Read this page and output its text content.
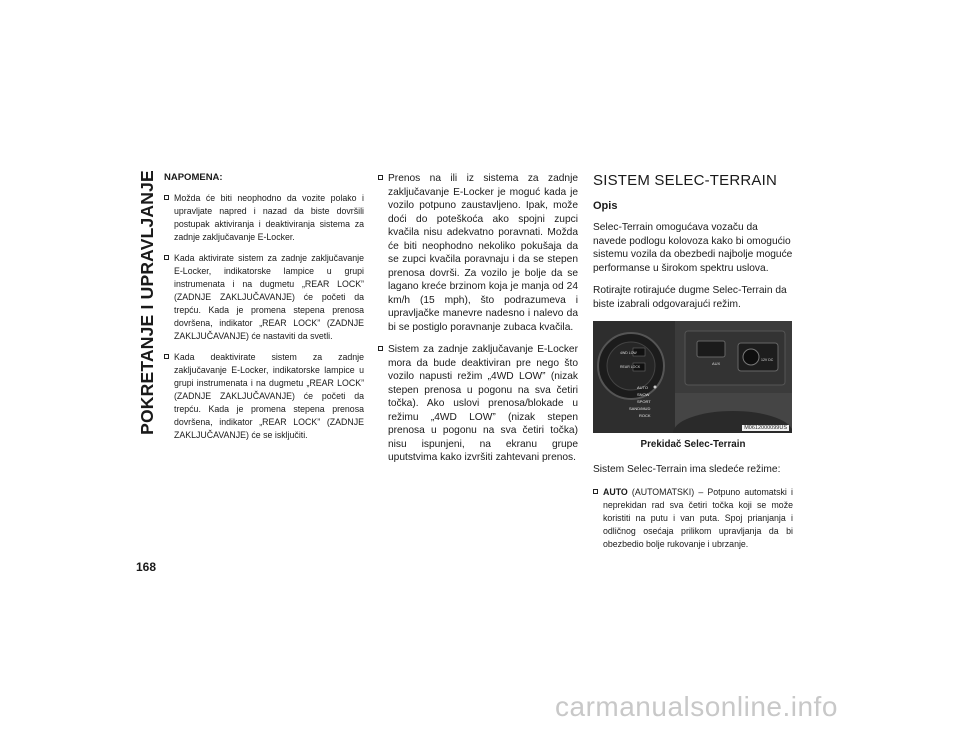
POKRETANJE I UPRAVLJANJE
168
NAPOMENA:
Možda će biti neophodno da vozite polako i upravljate napred i nazad da biste dovršili postupak aktiviranja i deaktiviranja sistema za zadnje zaključavanje E-Locker.
Kada aktivirate sistem za zadnje zaključavanje E-Locker, indikatorske lampice u grupi instrumenata i na dugmetu „REAR LOCK” (ZADNJE ZAKLJUČAVANJE) će početi da trepću. Kada je promena stepena prenosa dovršena, indikator „REAR LOCK” (ZADNJE ZAKLJUČAVANJE) će nastaviti da svetli.
Kada deaktivirate sistem za zadnje zaključavanje E-Locker, indikatorske lampice u grupi instrumenata i na dugmetu „REAR LOCK” (ZADNJE ZAKLJUČAVANJE) će početi da trepću. Kada je promena stepena prenosa dovršena, indikator „REAR LOCK” (ZADNJE ZAKLJUČAVANJE) će se isključiti.
Prenos na ili iz sistema za zadnje zaključavanje E-Locker je moguć kada je vozilo potpuno zaustavljeno. Ipak, može doći do poteškoća ako spojni zupci kvačila nisu adekvatno poravnati. Možda će biti neophodno nekoliko pokušaja da se zupci kvačila poravnaju i da se stepen prenosa dovrši. Za vozilo je bolje da se lagano kreće brzinom koja je manja od 24 km/h (15 mph), što podrazumeva i upravljačke manevre nadesno i nalevo da bi se postiglo poravnanje zubaca kvačila.
Sistem za zadnje zaključavanje E-Locker mora da bude deaktiviran pre nego što vozilo napusti režim „4WD LOW” (nizak stepen prenosa u pogonu na sva četiri točka). Ako uslovi prenosa/blokade u režimu „4WD LOW” (nizak stepen prenosa u pogonu na sva četiri točka) nisu ispunjeni, na ekranu grupe uputstvima kako izvršiti zahtevani prenos.
SISTEM SELEC-TERRAIN
Opis

Selec-Terrain omogućava vozaču da navede podlogu kolovoza kako bi omogućio sistemu vozila da obezbedi najbolje moguće performanse u širokom spektru uslova.

Rotirajte rotirajuće dugme Selec-Terrain da biste izabrali odgovarajući režim.

4WD LOW
REAR LOCK
AUTO
SNOW
SPORT
SAND/MUD
ROCK
AUX
12V DC
M0612000099US
Prekidač Selec-Terrain

Sistem Selec-Terrain ima sledeće režime:

AUTO (AUTOMATSKI) – Potpuno automatski i neprekidan rad sva četiri točka koji se može koristiti na putu i van puta. Spoj prianjanja i odličnog osećaja prilikom upravljanja da bi obezbedio bolje rukovanje i ubrzanje.
carmanualsonline.info
